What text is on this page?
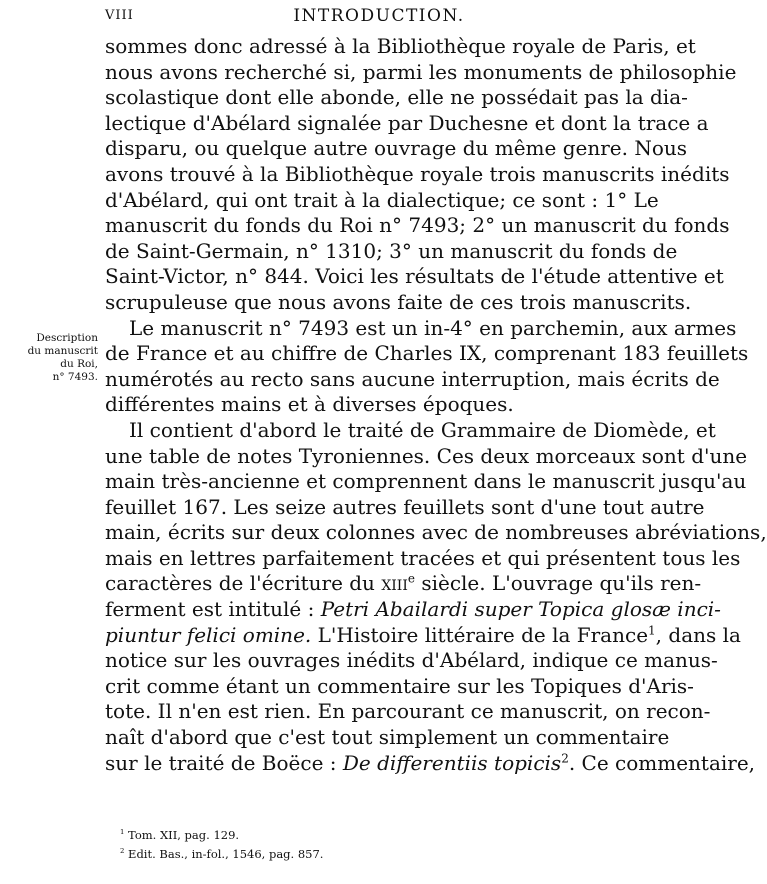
VIII	INTRODUCTION.
Description
du manuscrit
du Roi,
n° 7493.
sommes donc adressé à la Bibliothèque royale de Paris, et
nous avons recherché si, parmi les monuments de philosophie
scolastique dont elle abonde, elle ne possédait pas la dia-
lectique d'Abélard signalée par Duchesne et dont la trace a
disparu, ou quelque autre ouvrage du même genre. Nous
avons trouvé à la Bibliothèque royale trois manuscrits inédits
d'Abélard, qui ont trait à la dialectique; ce sont : 1° Le
manuscrit du fonds du Roi n° 7493; 2° un manuscrit du fonds
de Saint-Germain, n° 1310; 3° un manuscrit du fonds de
Saint-Victor, n° 844. Voici les résultats de l'étude attentive et
scrupuleuse que nous avons faite de ces trois manuscrits.
Le manuscrit n° 7493 est un in-4° en parchemin, aux armes
de France et au chiffre de Charles IX, comprenant 183 feuillets
numérotés au recto sans aucune interruption, mais écrits de
différentes mains et à diverses époques.
Il contient d'abord le traité de Grammaire de Diomède, et
une table de notes Tyroniennes. Ces deux morceaux sont d'une
main très-ancienne et comprennent dans le manuscrit jusqu'au
feuillet 167. Les seize autres feuillets sont d'une tout autre
main, écrits sur deux colonnes avec de nombreuses abréviations,
mais en lettres parfaitement tracées et qui présentent tous les
caractères de l'écriture du xiii$^e$ siècle. L'ouvrage qu'ils ren-
ferment est intitulé : Petri Abailardi super Topica glosæ inci-
piuntur felici omine. L'Histoire littéraire de la France$^1$, dans la
notice sur les ouvrages inédits d'Abélard, indique ce manus-
crit comme étant un commentaire sur les Topiques d'Aris-
tote. Il n'en est rien. En parcourant ce manuscrit, on recon-
naît d'abord que c'est tout simplement un commentaire
sur le traité de Boëce : De differentiis topicis$^2$. Ce commentaire,
$^1$ Tom. XII, pag. 129.
$^2$ Edit. Bas., in-fol., 1546, pag. 857.
